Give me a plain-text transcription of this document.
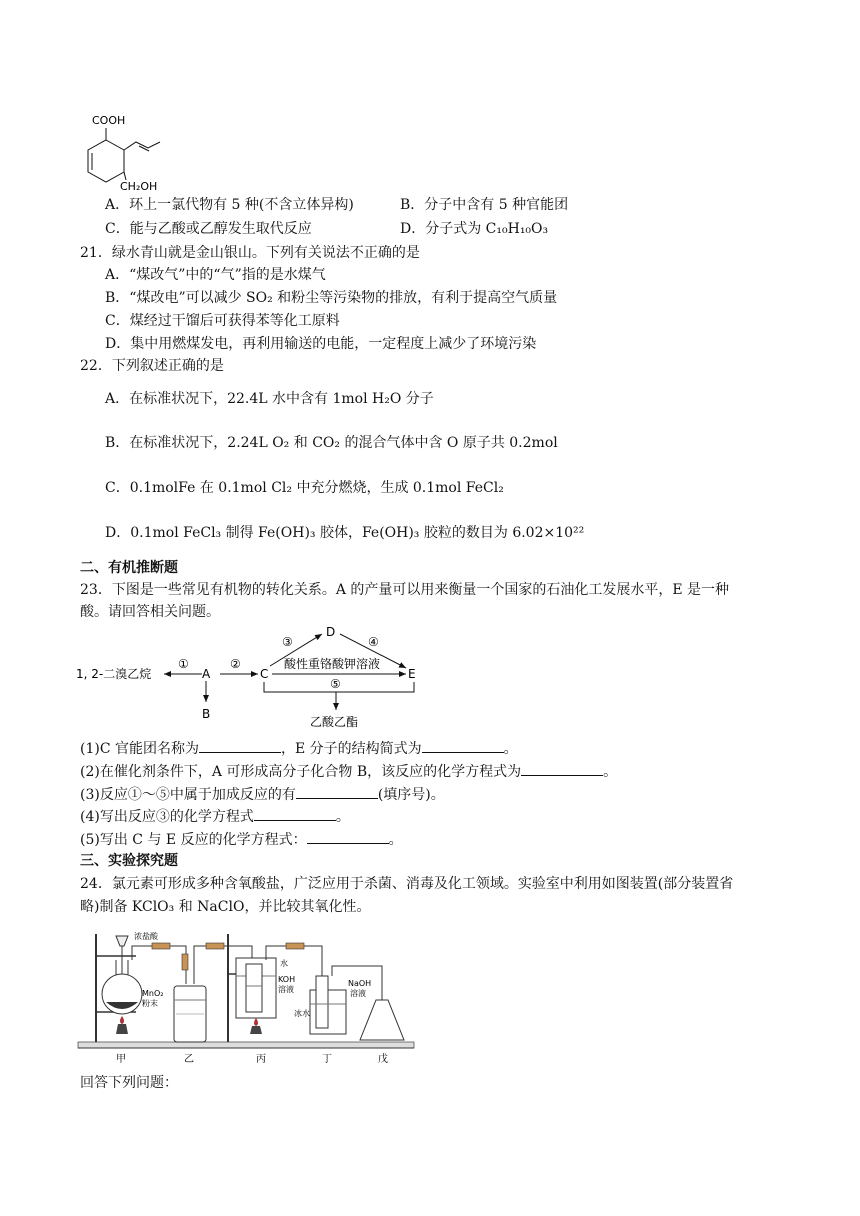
COOH
CH₂OH
A．环上一氯代物有 5 种(不含立体异构)	B．分子中含有 5 种官能团
C．能与乙酸或乙醇发生取代反应	D．分子式为 C₁₀H₁₀O₃
21．绿水青山就是金山银山。下列有关说法不正确的是
A．“煤改气”中的“气”指的是水煤气
B．“煤改电”可以减少 SO₂ 和粉尘等污染物的排放，有利于提高空气质量
C．煤经过干馏后可获得苯等化工原料
D．集中用燃煤发电，再利用输送的电能，一定程度上减少了环境污染
22．下列叙述正确的是
A．在标准状况下，22.4L 水中含有 1mol H₂O 分子
B．在标准状况下，2.24L O₂ 和 CO₂ 的混合气体中含 O 原子共 0.2mol
C．0.1molFe 在 0.1mol Cl₂ 中充分燃烧，生成 0.1mol FeCl₂
D．0.1mol FeCl₃ 制得 Fe(OH)₃ 胶体，Fe(OH)₃ 胶粒的数目为 6.02×10²²
二、有机推断题
23．下图是一些常见有机物的转化关系。A 的产量可以用来衡量一个国家的石油化工发展水平，E 是一种
酸。请回答相关问题。
1, 2-二溴乙烷
①
A
②
B
C
③
D
④
酸性重铬酸钾溶液
E
⑤
乙酸乙酯
(1)C 官能团名称为	，E 分子的结构简式为	。
(2)在催化剂条件下，A 可形成高分子化合物 B，该反应的化学方程式为	。
(3)反应①～⑤中属于加成反应的有	(填序号)。
(4)写出反应③的化学方程式	。
(5)写出 C 与 E 反应的化学方程式：	。
三、实验探究题
24．氯元素可形成多种含氧酸盐，广泛应用于杀菌、消毒及化工领域。实验室中利用如图装置(部分装置省
略)制备 KClO₃ 和 NaClO，并比较其氧化性。
浓盐酸
MnO₂
粉末
水
KOH
溶液
NaOH
溶液
冰水
甲	乙	丙	丁	戊
回答下列问题：
